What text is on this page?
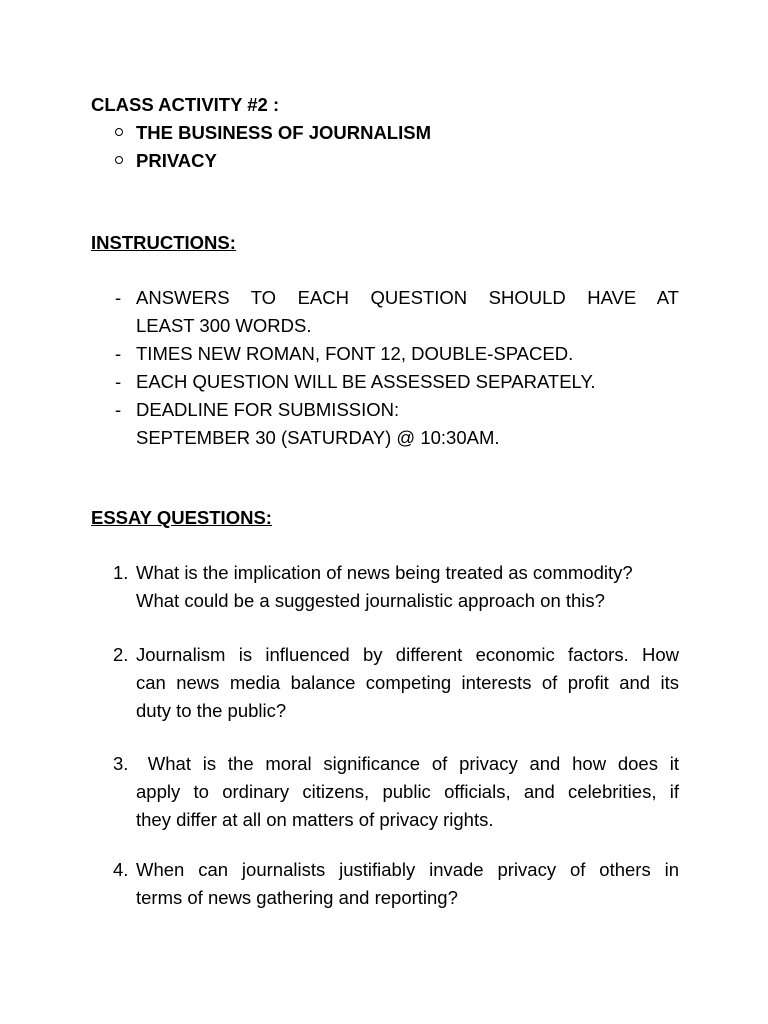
CLASS ACTIVITY #2 :
THE BUSINESS OF JOURNALISM
PRIVACY
INSTRUCTIONS:
- ANSWERS TO EACH QUESTION SHOULD HAVE AT
LEAST 300 WORDS.
- TIMES NEW ROMAN, FONT 12, DOUBLE-SPACED.
- EACH QUESTION WILL BE ASSESSED SEPARATELY.
- DEADLINE FOR SUBMISSION:
SEPTEMBER 30 (SATURDAY) @ 10:30AM.
ESSAY QUESTIONS:
1. What is the implication of news being treated as commodity?
What could be a suggested journalistic approach on this?
2. Journalism is influenced by different economic factors. How
can news media balance competing interests of profit and its
duty to the public?
3. What is the moral significance of privacy and how does it
apply to ordinary citizens, public officials, and celebrities, if
they differ at all on matters of privacy rights.
4. When can journalists justifiably invade privacy of others in
terms of news gathering and reporting?
